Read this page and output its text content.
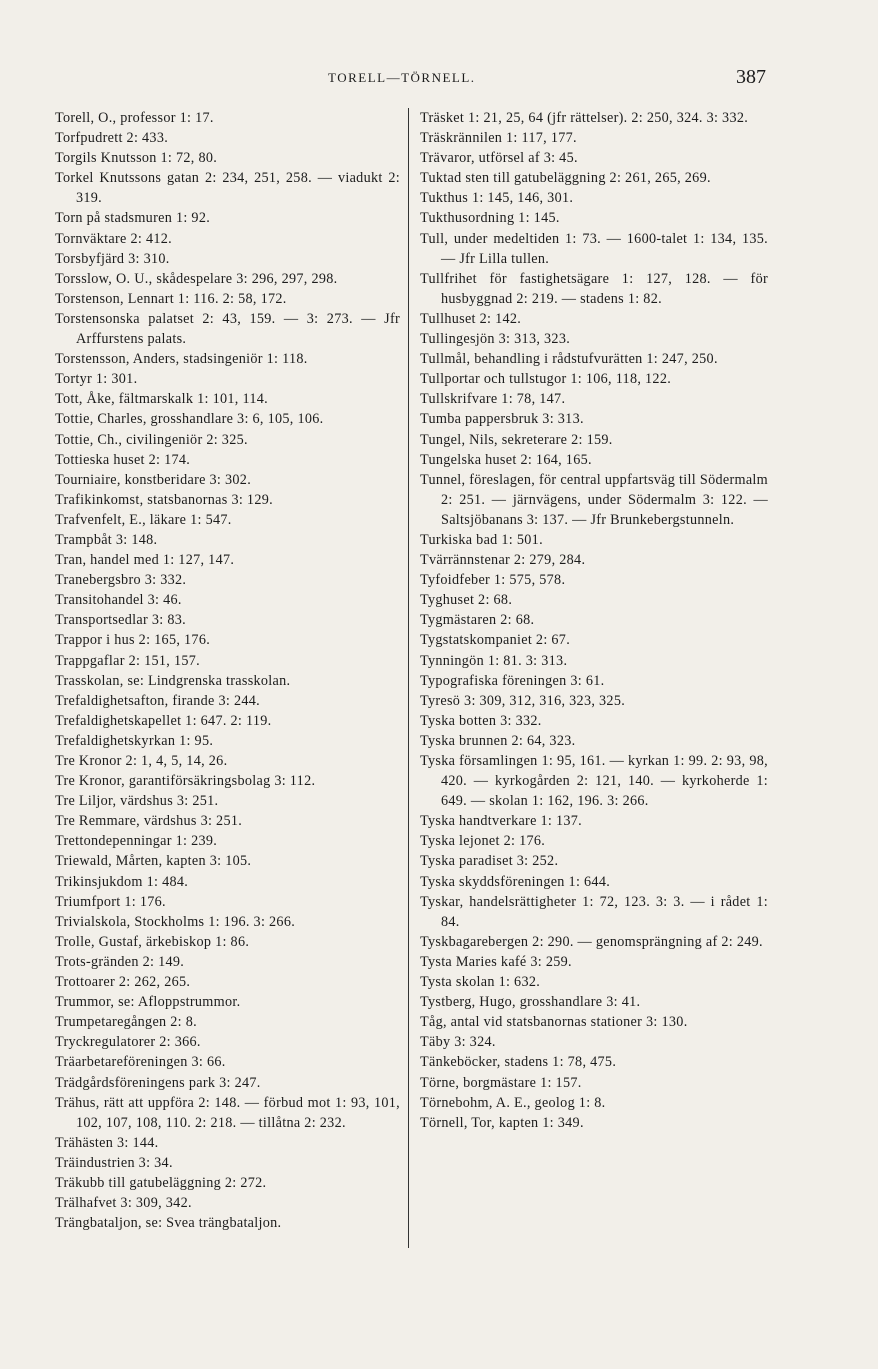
TORELL—TÖRNELL.	387

Torell, O., professor 1: 17.

Torfpudrett 2: 433.

Torgils Knutsson 1: 72, 80.

Torkel Knutssons gatan 2: 234, 251, 258. — viadukt 2: 319.

Torn på stadsmuren 1: 92.

Tornväktare 2: 412.

Torsbyfjärd 3: 310.

Torsslow, O. U., skådespelare 3: 296, 297, 298.

Torstenson, Lennart 1: 116. 2: 58, 172.

Torstensonska palatset 2: 43, 159. — 3: 273. — Jfr Arffurstens palats.

Torstensson, Anders, stadsingeniör 1: 118.

Tortyr 1: 301.

Tott, Åke, fältmarskalk 1: 101, 114.

Tottie, Charles, grosshandlare 3: 6, 105, 106.

Tottie, Ch., civilingeniör 2: 325.

Tottieska huset 2: 174.

Tourniaire, konstberidare 3: 302.

Trafikinkomst, statsbanornas 3: 129.

Trafvenfelt, E., läkare 1: 547.

Trampbåt 3: 148.

Tran, handel med 1: 127, 147.

Tranebergsbro 3: 332.

Transitohandel 3: 46.

Transportsedlar 3: 83.

Trappor i hus 2: 165, 176.

Trappgaflar 2: 151, 157.

Trasskolan, se: Lindgrenska trasskolan.

Trefaldighetsafton, firande 3: 244.

Trefaldighetskapellet 1: 647. 2: 119.

Trefaldighetskyrkan 1: 95.

Tre Kronor 2: 1, 4, 5, 14, 26.

Tre Kronor, garantiförsäkringsbolag 3: 112.

Tre Liljor, värdshus 3: 251.

Tre Remmare, värdshus 3: 251.

Trettondepenningar 1: 239.

Triewald, Mårten, kapten 3: 105.

Trikinsjukdom 1: 484.

Triumfport 1: 176.

Trivialskola, Stockholms 1: 196. 3: 266.

Trolle, Gustaf, ärkebiskop 1: 86.

Trots-gränden 2: 149.

Trottoarer 2: 262, 265.

Trummor, se: Afloppstrummor.

Trumpetaregången 2: 8.

Tryckregulatorer 2: 366.

Träarbetareföreningen 3: 66.

Trädgårdsföreningens park 3: 247.

Trähus, rätt att uppföra 2: 148. — förbud mot 1: 93, 101, 102, 107, 108, 110. 2: 218. — tillåtna 2: 232.

Trähästen 3: 144.

Träindustrien 3: 34.

Träkubb till gatubeläggning 2: 272.

Trälhafvet 3: 309, 342.

Trängbataljon, se: Svea trängbataljon.

Träsket 1: 21, 25, 64 (jfr rättelser). 2: 250, 324. 3: 332.

Träskrännilen 1: 117, 177.

Trävaror, utförsel af 3: 45.

Tuktad sten till gatubeläggning 2: 261, 265, 269.

Tukthus 1: 145, 146, 301.

Tukthusordning 1: 145.

Tull, under medeltiden 1: 73. — 1600-talet 1: 134, 135. — Jfr Lilla tullen.

Tullfrihet för fastighetsägare 1: 127, 128. — för husbyggnad 2: 219. — stadens 1: 82.

Tullhuset 2: 142.

Tullingesjön 3: 313, 323.

Tullmål, behandling i rådstufvurätten 1: 247, 250.

Tullportar och tullstugor 1: 106, 118, 122.

Tullskrifvare 1: 78, 147.

Tumba pappersbruk 3: 313.

Tungel, Nils, sekreterare 2: 159.

Tungelska huset 2: 164, 165.

Tunnel, föreslagen, för central uppfartsväg till Södermalm 2: 251. — järnvägens, under Södermalm 3: 122. — Saltsjöbanans 3: 137. — Jfr Brunkebergstunneln.

Turkiska bad 1: 501.

Tvärrännstenar 2: 279, 284.

Tyfoidfeber 1: 575, 578.

Tyghuset 2: 68.

Tygmästaren 2: 68.

Tygstatskompaniet 2: 67.

Tynningön 1: 81. 3: 313.

Typografiska föreningen 3: 61.

Tyresö 3: 309, 312, 316, 323, 325.

Tyska botten 3: 332.

Tyska brunnen 2: 64, 323.

Tyska församlingen 1: 95, 161. — kyrkan 1: 99. 2: 93, 98, 420. — kyrkogården 2: 121, 140. — kyrkoherde 1: 649. — skolan 1: 162, 196. 3: 266.

Tyska handtverkare 1: 137.

Tyska lejonet 2: 176.

Tyska paradiset 3: 252.

Tyska skyddsföreningen 1: 644.

Tyskar, handelsrättigheter 1: 72, 123. 3: 3. — i rådet 1: 84.

Tyskbagarebergen 2: 290. — genomsprängning af 2: 249.

Tysta Maries kafé 3: 259.

Tysta skolan 1: 632.

Tystberg, Hugo, grosshandlare 3: 41.

Tåg, antal vid statsbanornas stationer 3: 130.

Täby 3: 324.

Tänkeböcker, stadens 1: 78, 475.

Törne, borgmästare 1: 157.

Törnebohm, A. E., geolog 1: 8.

Törnell, Tor, kapten 1: 349.
